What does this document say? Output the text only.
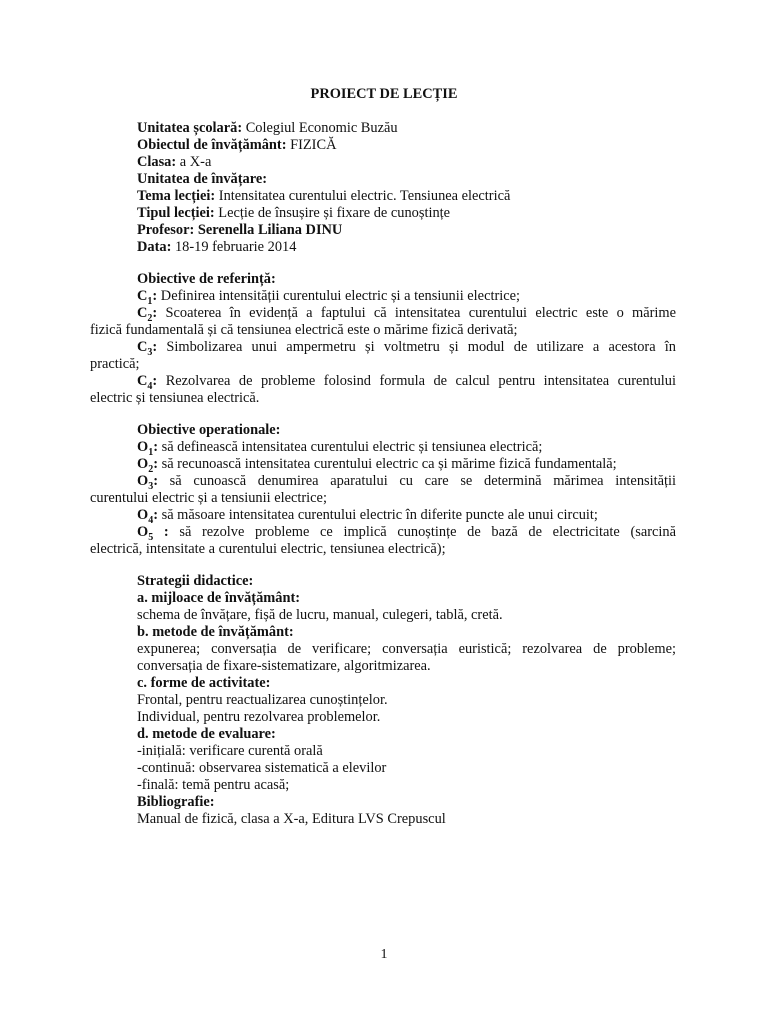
PROIECT DE LECȚIE
Unitatea școlară: Colegiul Economic Buzău
Obiectul de învățământ: FIZICĂ
Clasa: a X-a
Unitatea de învățare:
Tema lecției: Intensitatea curentului electric. Tensiunea electrică
Tipul lecției: Lecție de însușire și fixare de cunoștințe
Profesor: Serenella Liliana DINU
Data: 18-19 februarie 2014
Obiective de referință:
$C_1$: Definirea intensității curentului electric și a tensiunii electrice;
$C_2$: Scoaterea în evidență a faptului că intensitatea curentului electric este o mărime
fizică fundamentală și că tensiunea electrică este o mărime fizică derivată;
$C_3$: Simbolizarea unui ampermetru și voltmetru și modul de utilizare a acestora în
practică;
$C_4$: Rezolvarea de probleme folosind formula de calcul pentru intensitatea curentului
electric și tensiunea electrică.
Obiective operationale:
$O_1$: să definească intensitatea curentului electric și tensiunea electrică;
$O_2$: să recunoască intensitatea curentului electric ca și mărime fizică fundamentală;
$O_3$: să cunoască denumirea aparatului cu care se determină mărimea intensității
curentului electric și a tensiunii electrice;
$O_4$: să măsoare intensitatea curentului electric în diferite puncte ale unui circuit;
$O_5$ : să rezolve probleme ce implică cunoștințe de bază de electricitate (sarcină
electrică, intensitate a curentului electric, tensiunea electrică);
Strategii didactice:
a. mijloace de învățământ:
schema de învățare, fișă de lucru, manual, culegeri, tablă, cretă.
b. metode de învățământ:
expunerea; conversația de verificare; conversația euristică; rezolvarea de probleme;
conversația de fixare-sistematizare, algoritmizarea.
c. forme de activitate:
Frontal, pentru reactualizarea cunoștințelor.
Individual, pentru rezolvarea problemelor.
d. metode de evaluare:
-inițială: verificare curentă orală
-continuă: observarea sistematică a elevilor
-finală: temă pentru acasă;
Bibliografie:
Manual de fizică, clasa a X-a, Editura LVS Crepuscul
1
